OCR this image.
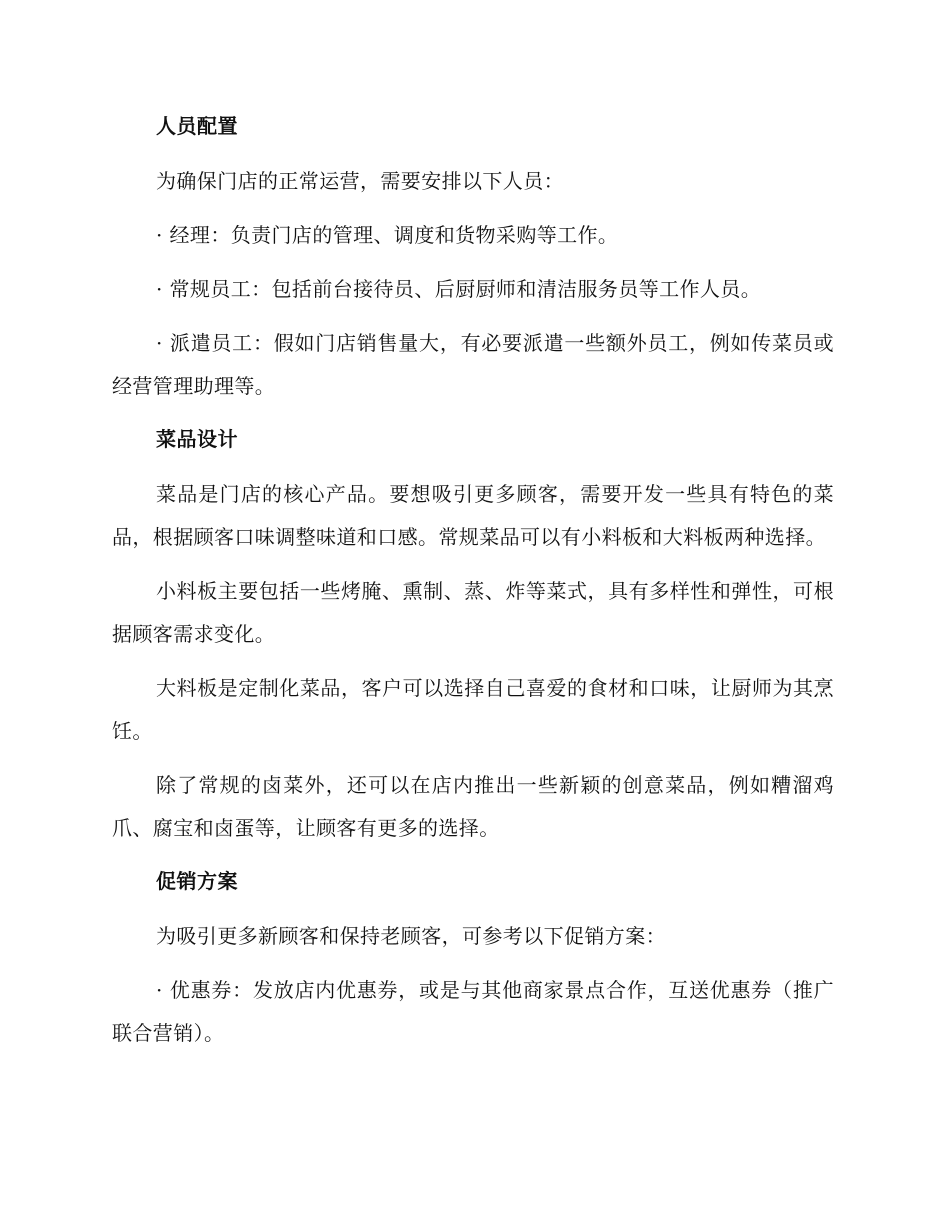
人员配置

为确保门店的正常运营，需要安排以下人员：

· 经理：负责门店的管理、调度和货物采购等工作。

· 常规员工：包括前台接待员、后厨厨师和清洁服务员等工作人员。

· 派遣员工：假如门店销售量大，有必要派遣一些额外员工，例如传菜员或经营管理助理等。

菜品设计

菜品是门店的核心产品。要想吸引更多顾客，需要开发一些具有特色的菜品，根据顾客口味调整味道和口感。常规菜品可以有小料板和大料板两种选择。

小料板主要包括一些烤腌、熏制、蒸、炸等菜式，具有多样性和弹性，可根据顾客需求变化。

大料板是定制化菜品，客户可以选择自己喜爱的食材和口味，让厨师为其烹饪。

除了常规的卤菜外，还可以在店内推出一些新颖的创意菜品，例如糟溜鸡爪、腐宝和卤蛋等，让顾客有更多的选择。

促销方案

为吸引更多新顾客和保持老顾客，可参考以下促销方案：

· 优惠券：发放店内优惠券，或是与其他商家景点合作，互送优惠券（推广联合营销）。
